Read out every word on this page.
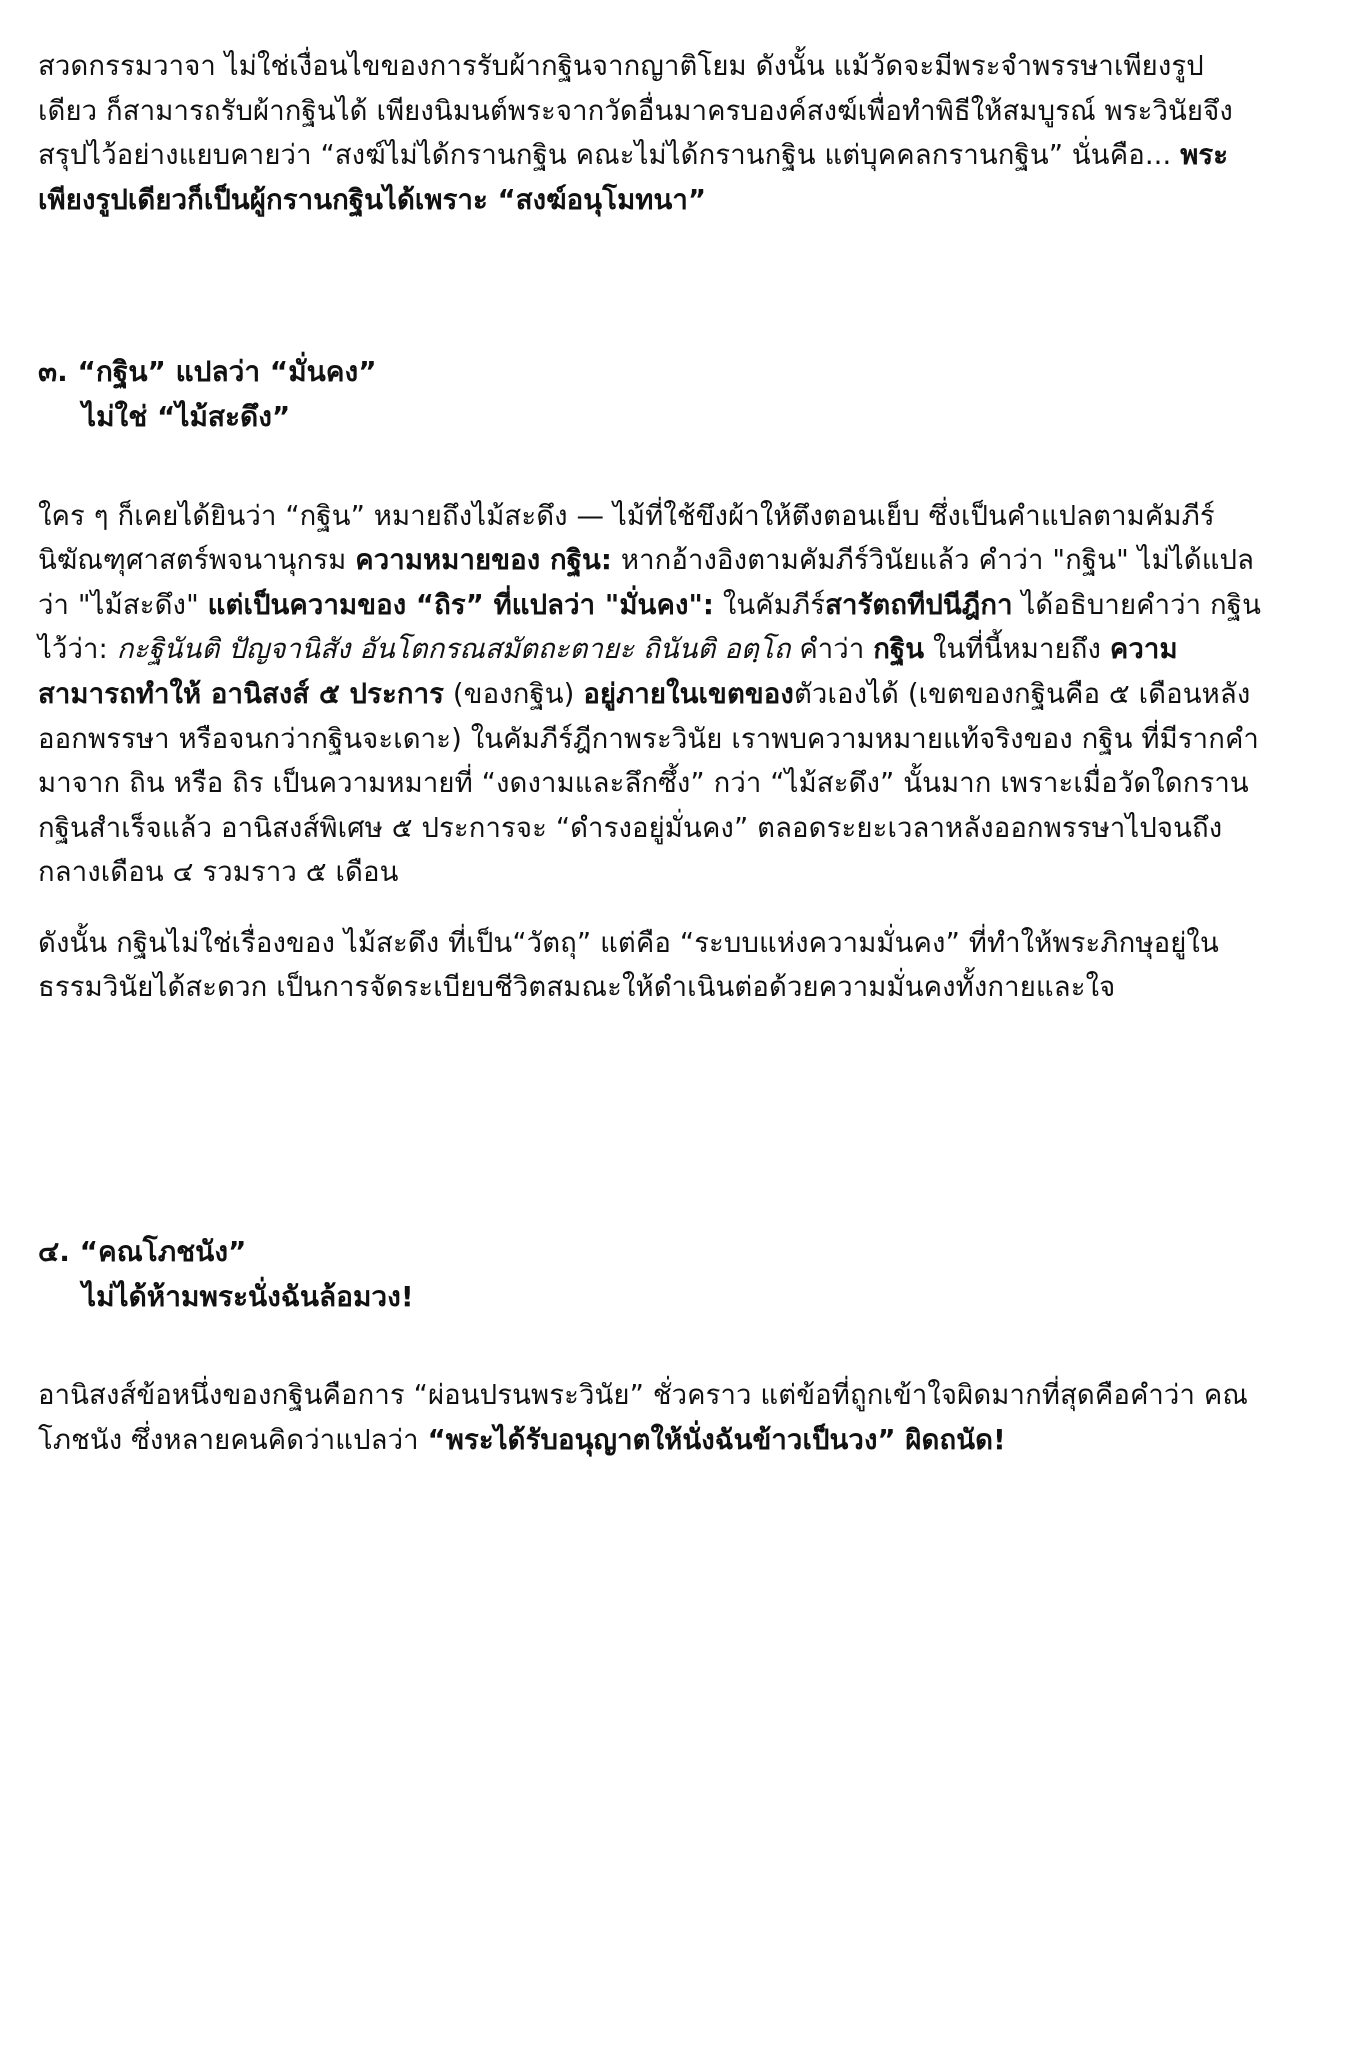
สวดกรรมวาจา ไม่ใช่เงื่อนไขของการรับผ้ากฐินจากญาติโยม ดังนั้น แม้วัดจะมีพระจำพรรษาเพียงรูปเดียว ก็สามารถรับผ้ากฐินได้ เพียงนิมนต์พระจากวัดอื่นมาครบองค์สงฆ์เพื่อทำพิธีให้สมบูรณ์ พระวินัยจึงสรุปไว้อย่างแยบคายว่า “สงฆ์ไม่ได้กรานกฐิน คณะไม่ได้กรานกฐิน แต่บุคคลกรานกฐิน” นั่นคือ... พระเพียงรูปเดียวก็เป็นผู้กรานกฐินได้เพราะ “สงฆ์อนุโมทนา”

๓. “กฐิน” แปลว่า “มั่นคง”
ไม่ใช่ “ไม้สะดึง”

ใคร ๆ ก็เคยได้ยินว่า “กฐิน” หมายถึงไม้สะดึง — ไม้ที่ใช้ขึงผ้าให้ตึงตอนเย็บ ซึ่งเป็นคำแปลตามคัมภีร์นิฆัณฑุศาสตร์พจนานุกรม ความหมายของ กฐิน: หากอ้างอิงตามคัมภีร์วินัยแล้ว คำว่า "กฐิน" ไม่ได้แปลว่า "ไม้สะดึง" แต่เป็นความของ “ถิร” ที่แปลว่า "มั่นคง": ในคัมภีร์สารัตถทีปนีฎีกา ได้อธิบายคำว่า กฐิน ไว้ว่า: กะฐินันติ ปัญจานิสัง อันโตกรณสมัตถะตายะ ถินันติ อตฺโถ คำว่า กฐิน ในที่นี้หมายถึง ความสามารถทำให้ อานิสงส์ ๕ ประการ (ของกฐิน) อยู่ภายในเขตของตัวเองได้ (เขตของกฐินคือ ๕ เดือนหลังออกพรรษา หรือจนกว่ากฐินจะเดาะ) ในคัมภีร์ฎีกาพระวินัย เราพบความหมายแท้จริงของ กฐิน ที่มีรากคำมาจาก ถิน หรือ ถิร เป็นความหมายที่ “งดงามและลึกซึ้ง” กว่า “ไม้สะดึง” นั้นมาก เพราะเมื่อวัดใดกรานกฐินสำเร็จแล้ว อานิสงส์พิเศษ ๕ ประการจะ “ดำรงอยู่มั่นคง” ตลอดระยะเวลาหลังออกพรรษาไปจนถึงกลางเดือน ๔ รวมราว ๕ เดือน

ดังนั้น กฐินไม่ใช่เรื่องของ ไม้สะดึง ที่เป็น“วัตถุ” แต่คือ “ระบบแห่งความมั่นคง” ที่ทำให้พระภิกษุอยู่ในธรรมวินัยได้สะดวก เป็นการจัดระเบียบชีวิตสมณะให้ดำเนินต่อด้วยความมั่นคงทั้งกายและใจ

๔. “คณโภชนัง”
ไม่ได้ห้ามพระนั่งฉันล้อมวง!

อานิสงส์ข้อหนึ่งของกฐินคือการ “ผ่อนปรนพระวินัย” ชั่วคราว แต่ข้อที่ถูกเข้าใจผิดมากที่สุดคือคำว่า คณโภชนัง ซึ่งหลายคนคิดว่าแปลว่า “พระได้รับอนุญาตให้นั่งฉันข้าวเป็นวง” ผิดถนัด!
